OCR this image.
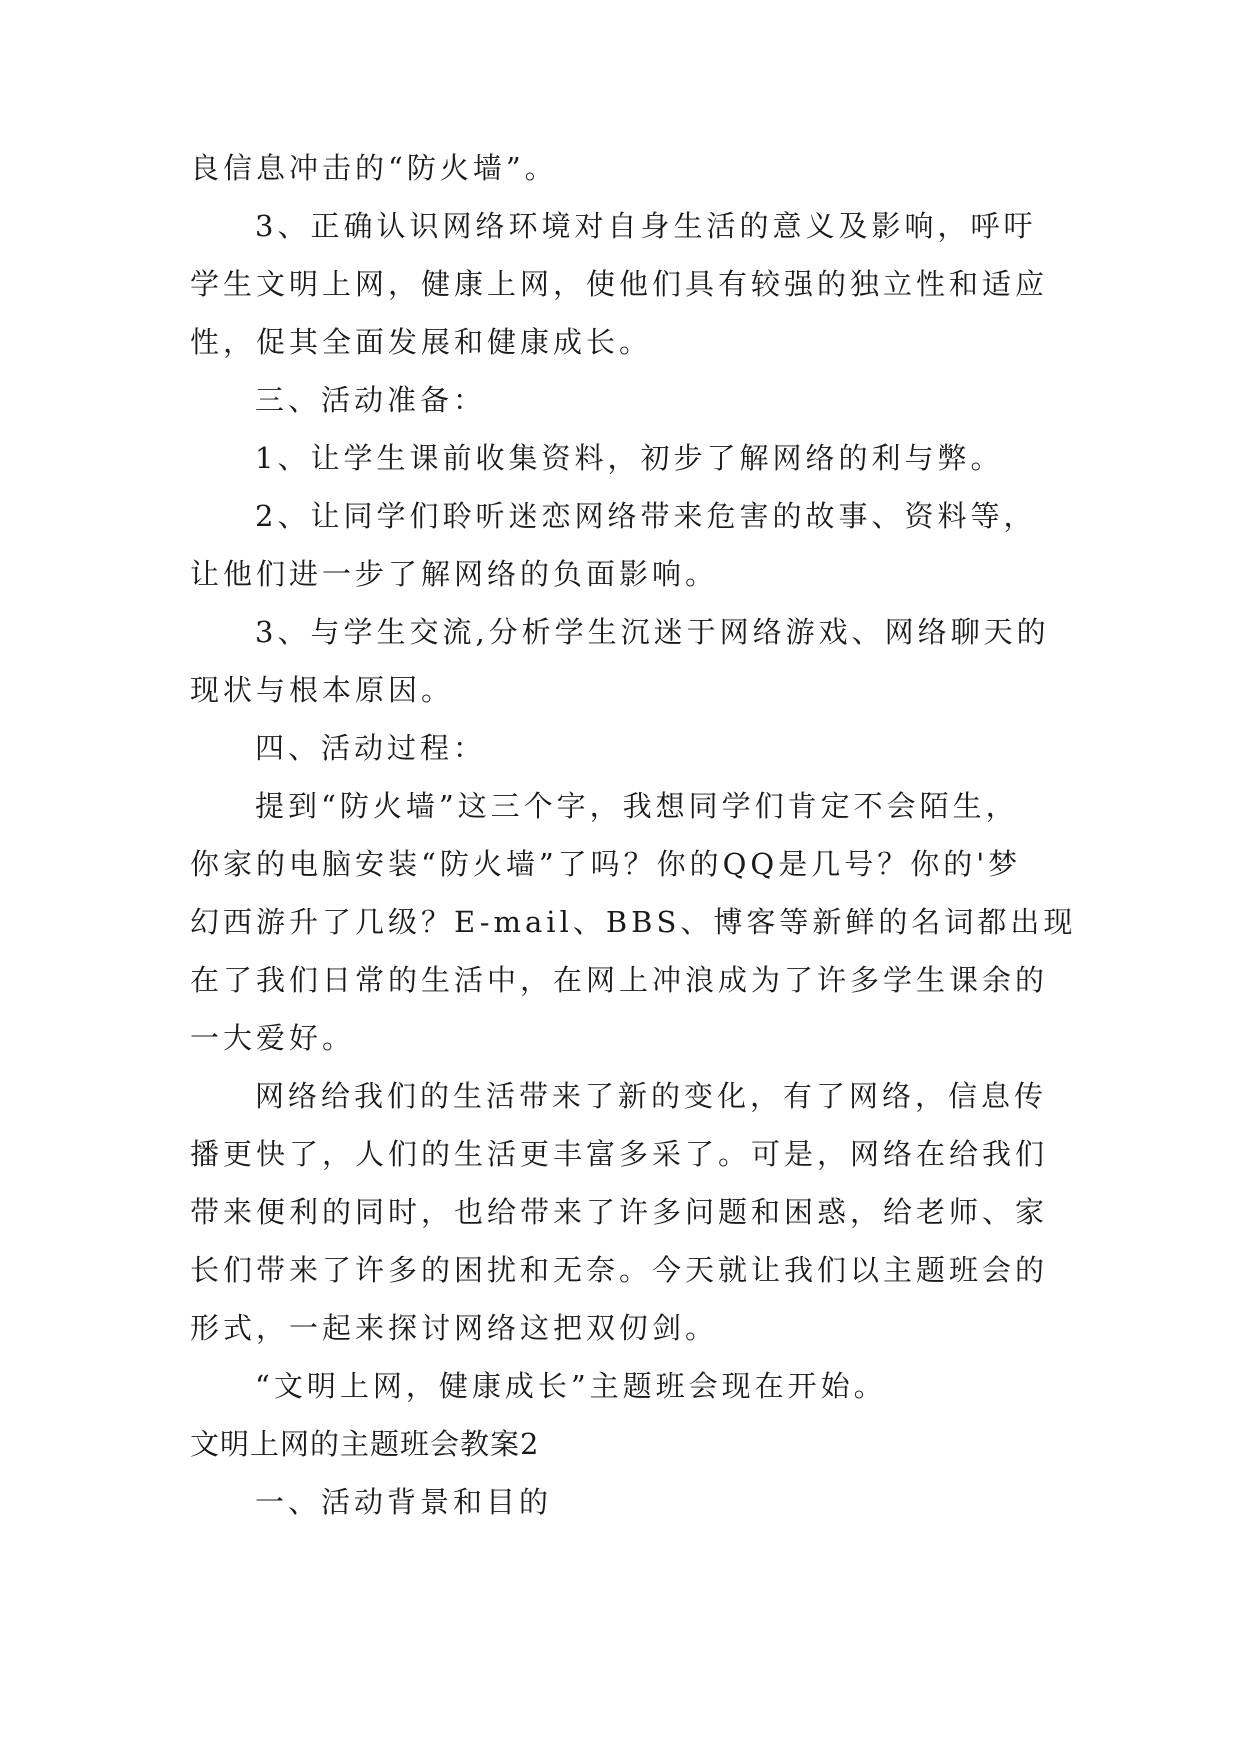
良信息冲击的“防火墙”。
3、正确认识网络环境对自身生活的意义及影响，呼吁
学生文明上网，健康上网，使他们具有较强的独立性和适应
性，促其全面发展和健康成长。
三、活动准备：
1、让学生课前收集资料，初步了解网络的利与弊。
2、让同学们聆听迷恋网络带来危害的故事、资料等，
让他们进一步了解网络的负面影响。
3、与学生交流,分析学生沉迷于网络游戏、网络聊天的
现状与根本原因。
四、活动过程：
提到“防火墙”这三个字，我想同学们肯定不会陌生，
你家的电脑安装“防火墙”了吗？你的QQ是几号？你的'梦
幻西游升了几级？E-mail、BBS、博客等新鲜的名词都出现
在了我们日常的生活中，在网上冲浪成为了许多学生课余的
一大爱好。
网络给我们的生活带来了新的变化，有了网络，信息传
播更快了，人们的生活更丰富多采了。可是，网络在给我们
带来便利的同时，也给带来了许多问题和困惑，给老师、家
长们带来了许多的困扰和无奈。今天就让我们以主题班会的
形式，一起来探讨网络这把双仞剑。
“文明上网，健康成长”主题班会现在开始。
文明上网的主题班会教案2
一、活动背景和目的
